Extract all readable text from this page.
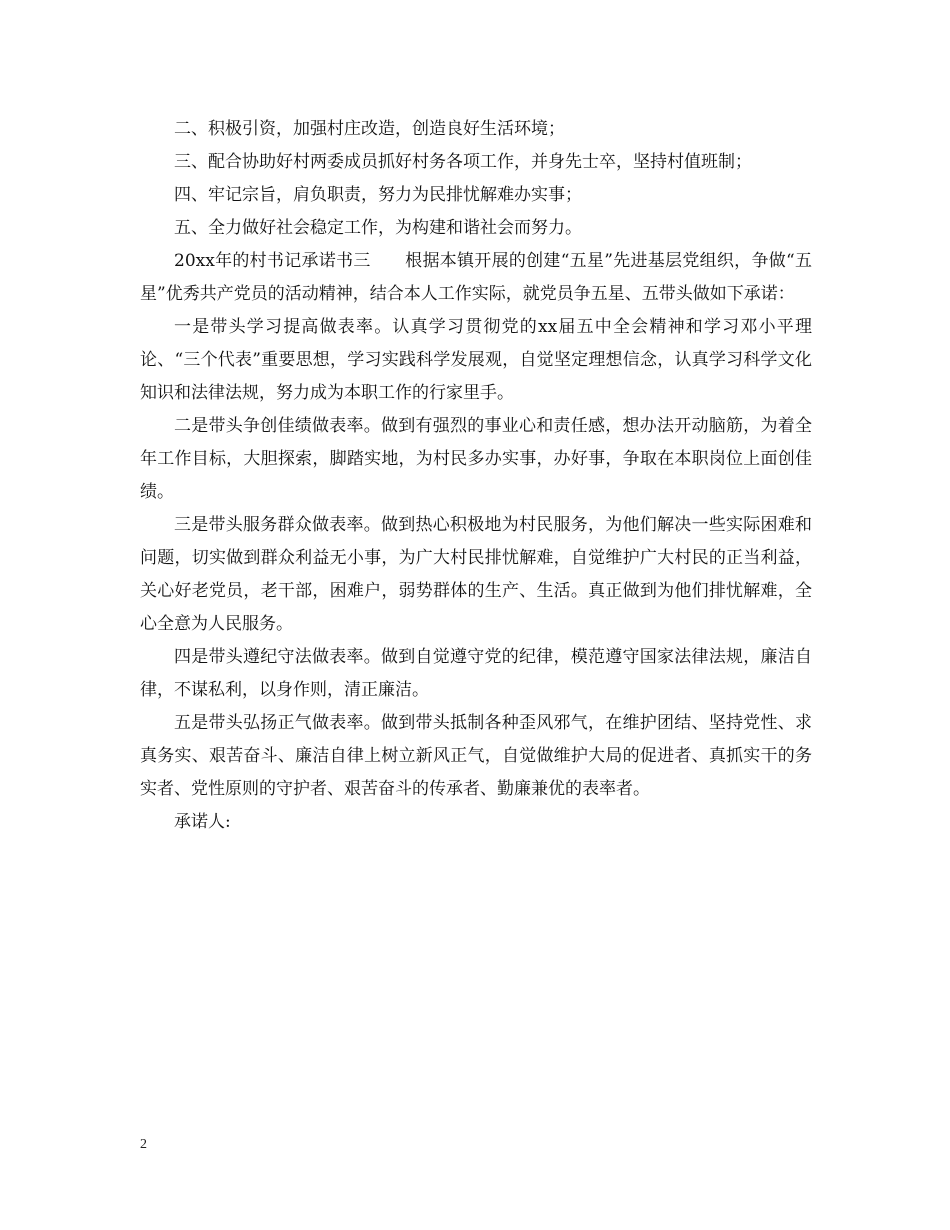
二、积极引资，加强村庄改造，创造良好生活环境；

三、配合协助好村两委成员抓好村务各项工作，并身先士卒，坚持村值班制；

四、牢记宗旨，肩负职责，努力为民排忧解难办实事；

五、全力做好社会稳定工作，为构建和谐社会而努力。

20xx年的村书记承诺书三　　根据本镇开展的创建“五星”先进基层党组织，争做“五星”优秀共产党员的活动精神，结合本人工作实际，就党员争五星、五带头做如下承诺：

一是带头学习提高做表率。认真学习贯彻党的xx届五中全会精神和学习邓小平理论、“三个代表”重要思想，学习实践科学发展观，自觉坚定理想信念，认真学习科学文化知识和法律法规，努力成为本职工作的行家里手。

二是带头争创佳绩做表率。做到有强烈的事业心和责任感，想办法开动脑筋，为着全年工作目标，大胆探索，脚踏实地，为村民多办实事，办好事，争取在本职岗位上面创佳绩。

三是带头服务群众做表率。做到热心积极地为村民服务，为他们解决一些实际困难和问题，切实做到群众利益无小事，为广大村民排忧解难，自觉维护广大村民的正当利益，关心好老党员，老干部，困难户，弱势群体的生产、生活。真正做到为他们排忧解难，全心全意为人民服务。

四是带头遵纪守法做表率。做到自觉遵守党的纪律，模范遵守国家法律法规，廉洁自律，不谋私利，以身作则，清正廉洁。

五是带头弘扬正气做表率。做到带头抵制各种歪风邪气，在维护团结、坚持党性、求真务实、艰苦奋斗、廉洁自律上树立新风正气，自觉做维护大局的促进者、真抓实干的务实者、党性原则的守护者、艰苦奋斗的传承者、勤廉兼优的表率者。

承诺人:

2
